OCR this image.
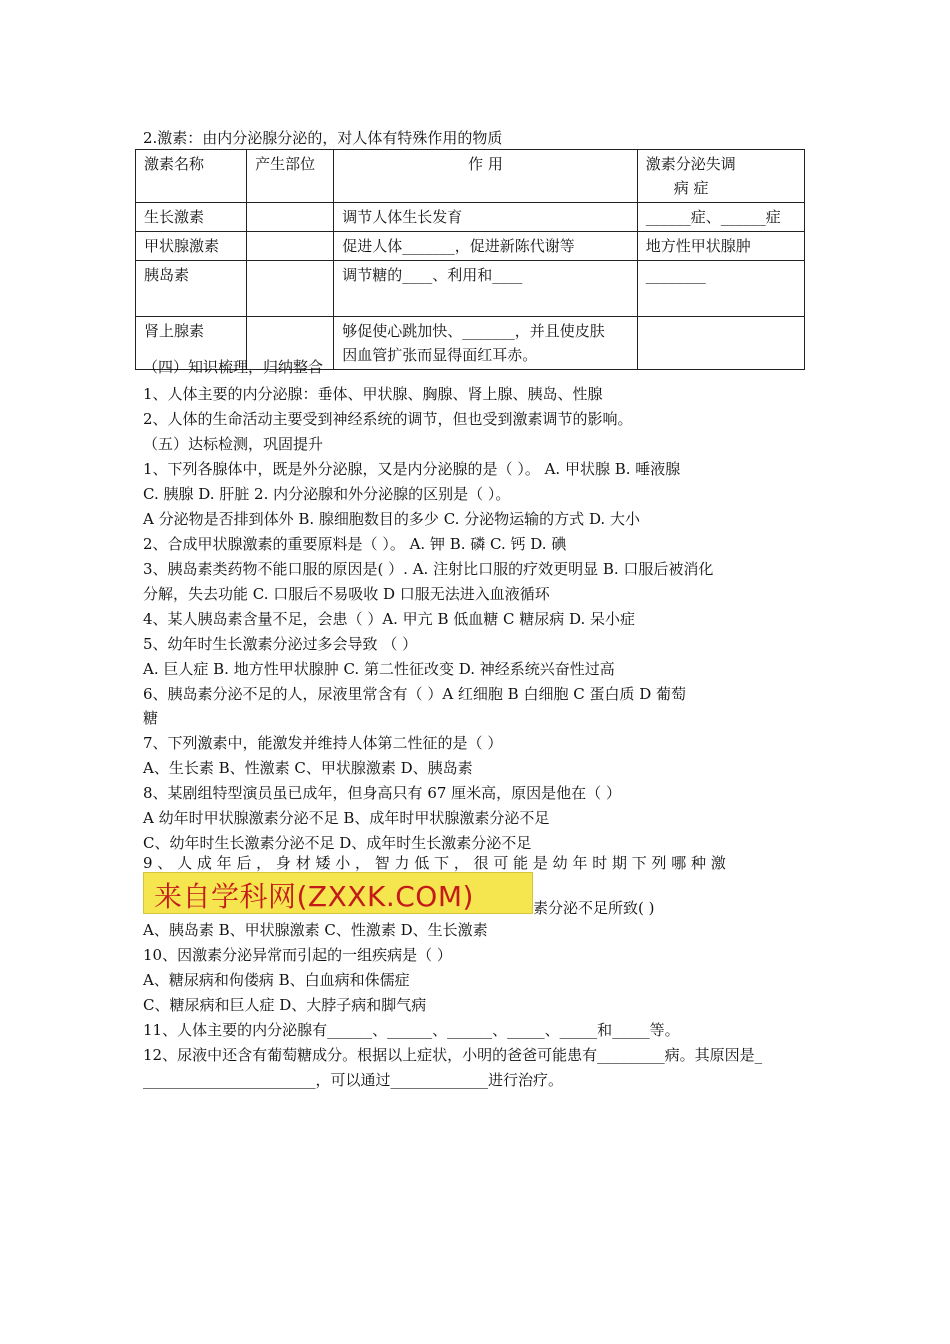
2.激素：由内分泌腺分泌的，对人体有特殊作用的物质
激素名称	产生部位	作 用	激素分泌失调
病 症

生长激素		调节人体生长发育	______症、______症
甲状腺激素		促进人体_______，促进新陈代谢等	地方性甲状腺肿
胰岛素		调节糖的____、利用和____	________
肾上腺素		够促使心跳加快、_______，并且使皮肤
因血管扩张而显得面红耳赤。	

（四）知识梳理，归纳整合
1、人体主要的内分泌腺：垂体、甲状腺、胸腺、肾上腺、胰岛、性腺
2、人体的生命活动主要受到神经系统的调节，但也受到激素调节的影响。
（五）达标检测，巩固提升
1、下列各腺体中，既是外分泌腺，又是内分泌腺的是（ ）。 A. 甲状腺 B. 唾液腺
C. 胰腺 D. 肝脏 2. 内分泌腺和外分泌腺的区别是（ ）。
A 分泌物是否排到体外 B. 腺细胞数目的多少 C. 分泌物运输的方式 D. 大小
2、合成甲状腺激素的重要原料是（ ）。 A. 钾 B. 磷 C. 钙 D. 碘
3、胰岛素类药物不能口服的原因是( ）. A. 注射比口服的疗效更明显 B. 口服后被消化
分解，失去功能 C. 口服后不易吸收 D 口服无法进入血液循环
4、某人胰岛素含量不足，会患（ ）A. 甲亢 B 低血糖 C 糖尿病 D. 呆小症
5、幼年时生长激素分泌过多会导致 （ ）
A. 巨人症 B. 地方性甲状腺肿 C. 第二性征改变 D. 神经系统兴奋性过高
6、胰岛素分泌不足的人，尿液里常含有（ ）A 红细胞 B 白细胞 C 蛋白质 D 葡萄
糖
7、下列激素中，能激发并维持人体第二性征的是（ ）
A、生长素 B、性激素 C、甲状腺激素 D、胰岛素
8、某剧组特型演员虽已成年，但身高只有 67 厘米高，原因是他在（ ）
A 幼年时甲状腺激素分泌不足 B、成年时甲状腺激素分泌不足
C、幼年时生长激素分泌不足 D、成年时生长激素分泌不足
9 、 人 成 年 后 ， 身 材 矮 小 ， 智 力 低 下 ， 很 可 能 是 幼 年 时 期 下 列 哪 种 激
来自学科网(ZXXK.COM)	素分泌不足所致( )
A、胰岛素 B、甲状腺激素 C、性激素 D、生长激素
10、因激素分泌异常而引起的一组疾病是（ ）
A、糖尿病和佝偻病 B、白血病和侏儒症
C、糖尿病和巨人症 D、大脖子病和脚气病
11、人体主要的内分泌腺有______、______、______、_____、_____和_____等。
12、尿液中还含有葡萄糖成分。根据以上症状，小明的爸爸可能患有_________病。其原因是_
_______________________，可以通过_____________进行治疗。
